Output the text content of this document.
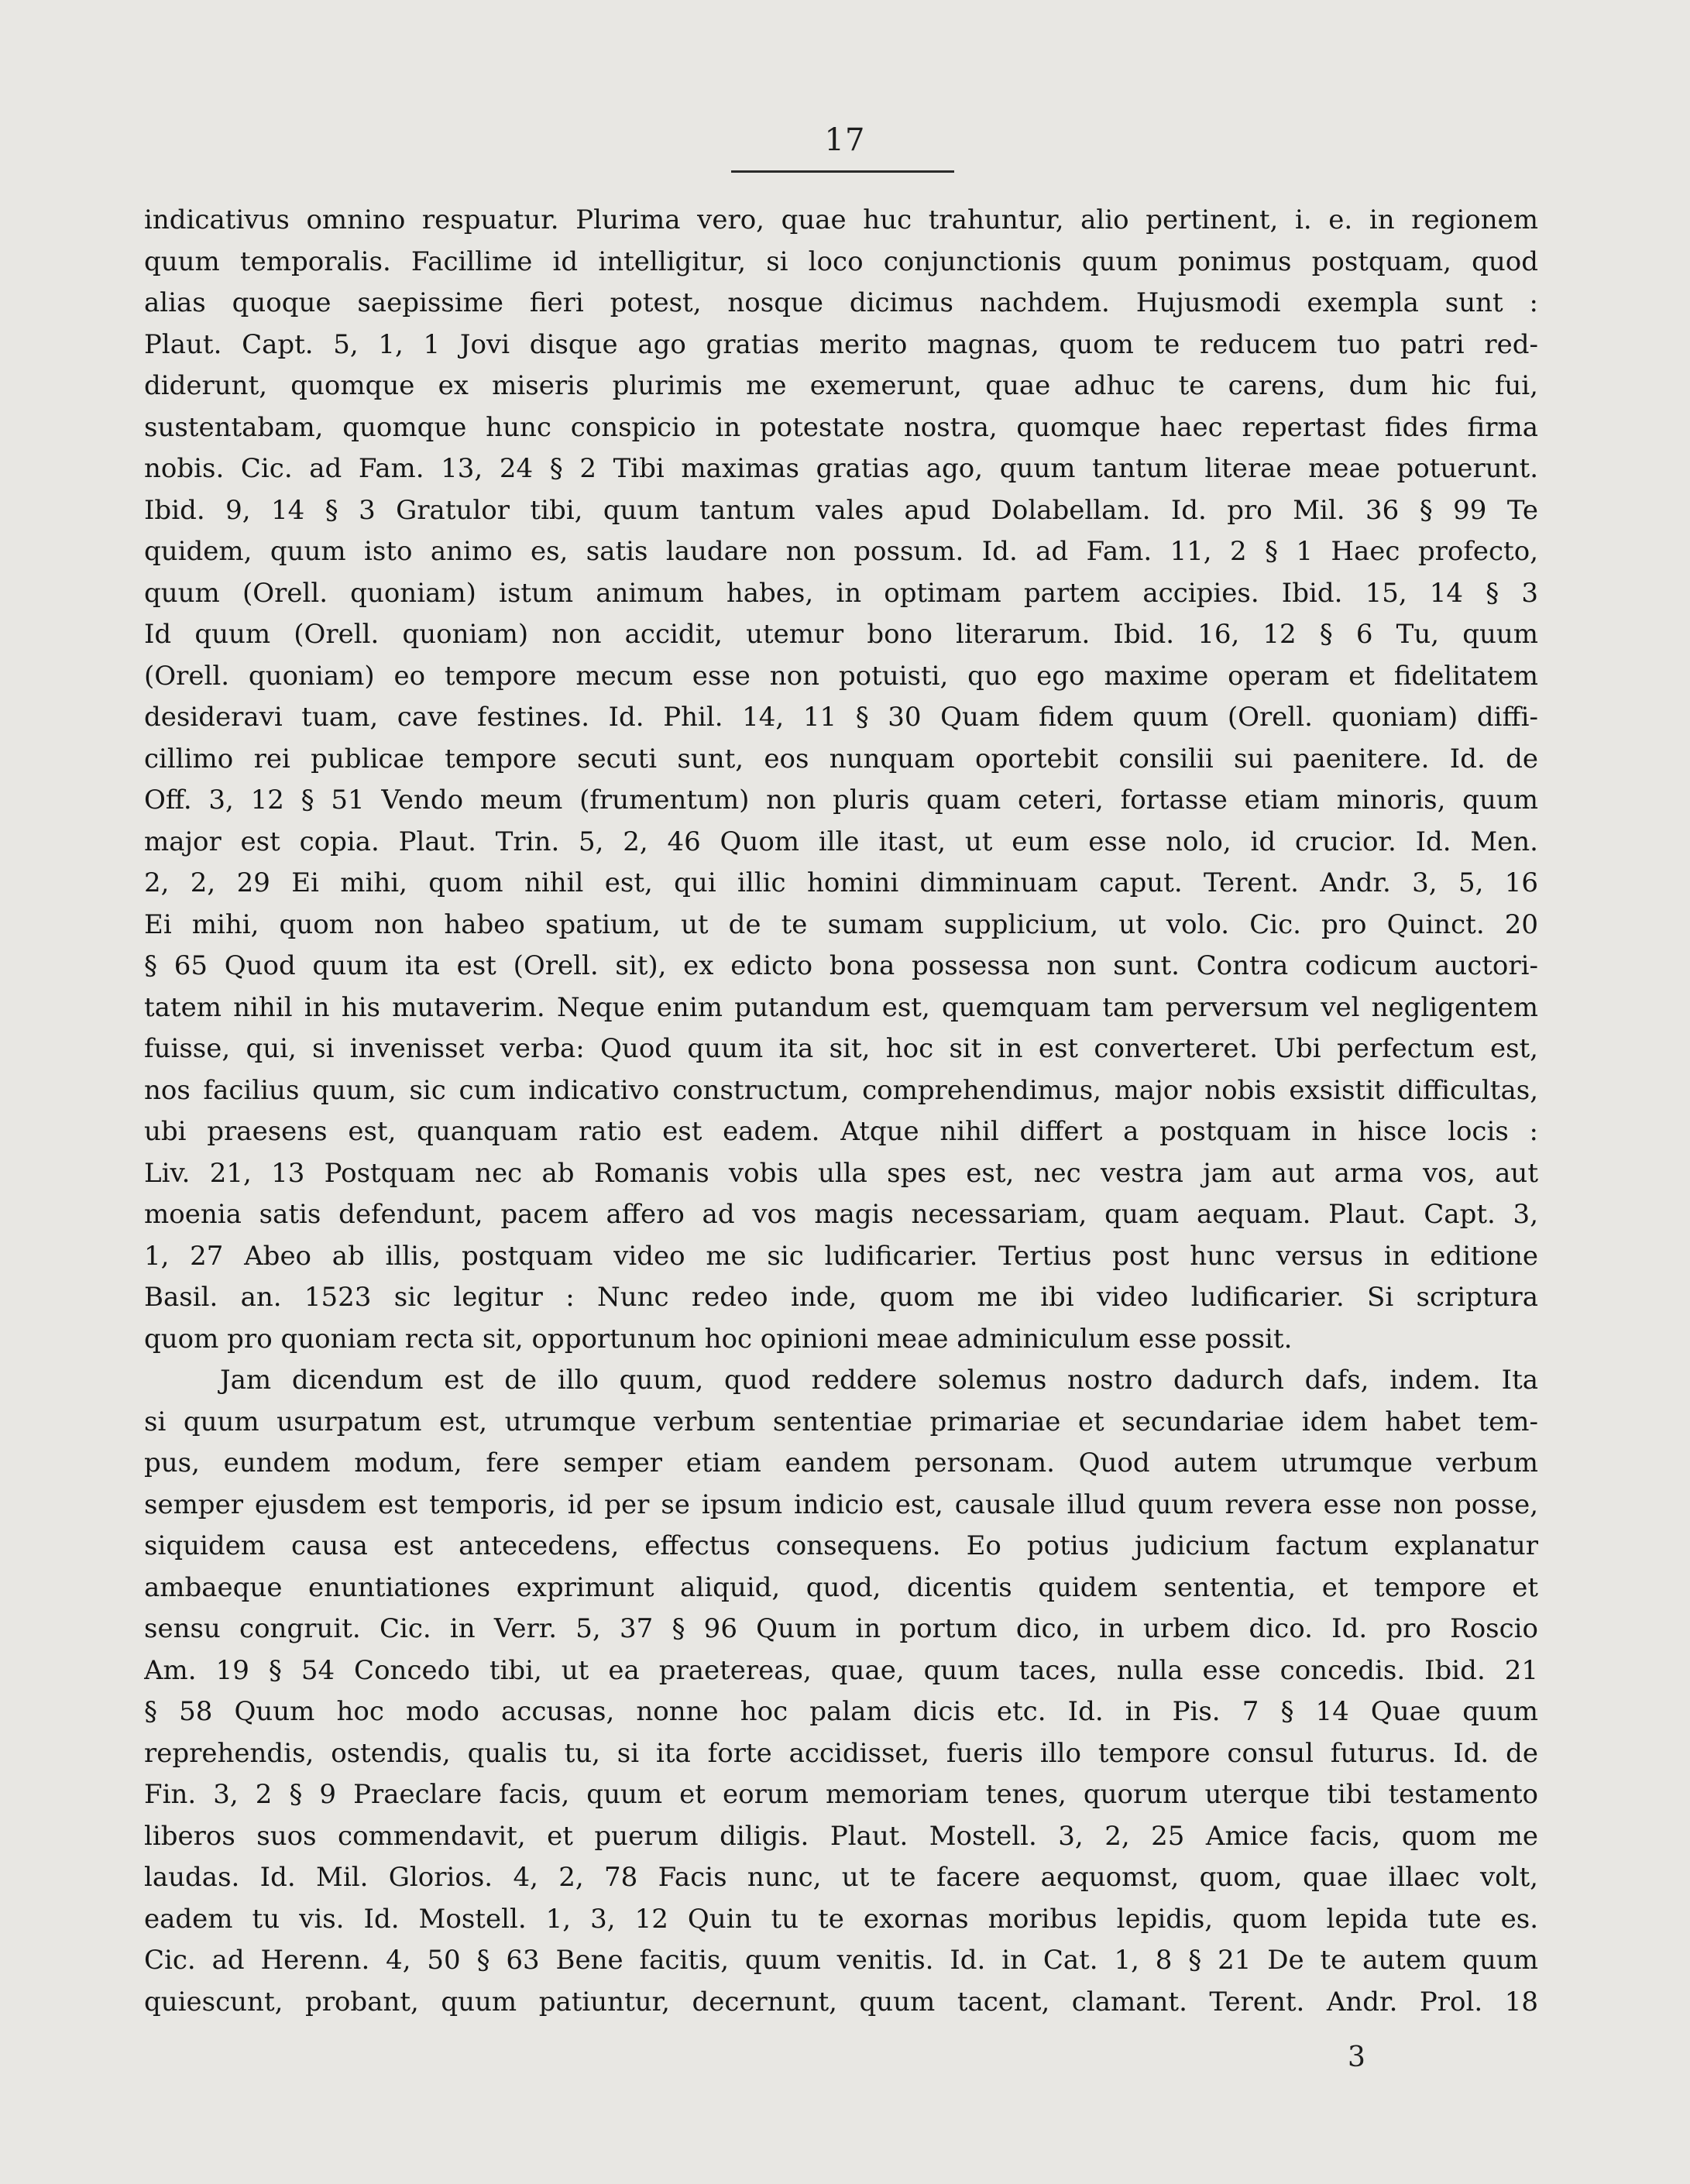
17
indicativus omnino respuatur. Plurima vero, quae huc trahuntur, alio pertinent, i. e. in regionem
quum temporalis. Facillime id intelligitur, si loco conjunctionis quum ponimus postquam, quod
alias quoque saepissime fieri potest, nosque dicimus nachdem. Hujusmodi exempla sunt :
Plaut. Capt. 5, 1, 1 Jovi disque ago gratias merito magnas, quom te reducem tuo patri red-
diderunt, quomque ex miseris plurimis me exemerunt, quae adhuc te carens, dum hic fui,
sustentabam, quomque hunc conspicio in potestate nostra, quomque haec repertast fides firma
nobis. Cic. ad Fam. 13, 24 § 2 Tibi maximas gratias ago, quum tantum literae meae potuerunt.
Ibid. 9, 14 § 3 Gratulor tibi, quum tantum vales apud Dolabellam. Id. pro Mil. 36 § 99 Te
quidem, quum isto animo es, satis laudare non possum. Id. ad Fam. 11, 2 § 1 Haec profecto,
quum (Orell. quoniam) istum animum habes, in optimam partem accipies. Ibid. 15, 14 § 3
Id quum (Orell. quoniam) non accidit, utemur bono literarum. Ibid. 16, 12 § 6 Tu, quum
(Orell. quoniam) eo tempore mecum esse non potuisti, quo ego maxime operam et fidelitatem
desideravi tuam, cave festines. Id. Phil. 14, 11 § 30 Quam fidem quum (Orell. quoniam) diffi-
cillimo rei publicae tempore secuti sunt, eos nunquam oportebit consilii sui paenitere. Id. de
Off. 3, 12 § 51 Vendo meum (frumentum) non pluris quam ceteri, fortasse etiam minoris, quum
major est copia. Plaut. Trin. 5, 2, 46 Quom ille itast, ut eum esse nolo, id crucior. Id. Men.
2, 2, 29 Ei mihi, quom nihil est, qui illic homini dimminuam caput. Terent. Andr. 3, 5, 16
Ei mihi, quom non habeo spatium, ut de te sumam supplicium, ut volo. Cic. pro Quinct. 20
§ 65 Quod quum ita est (Orell. sit), ex edicto bona possessa non sunt. Contra codicum auctori-
tatem nihil in his mutaverim. Neque enim putandum est, quemquam tam perversum vel negligentem
fuisse, qui, si invenisset verba: Quod quum ita sit, hoc sit in est converteret. Ubi perfectum est,
nos facilius quum, sic cum indicativo constructum, comprehendimus, major nobis exsistit difficultas,
ubi praesens est, quanquam ratio est eadem. Atque nihil differt a postquam in hisce locis :
Liv. 21, 13 Postquam nec ab Romanis vobis ulla spes est, nec vestra jam aut arma vos, aut
moenia satis defendunt, pacem affero ad vos magis necessariam, quam aequam. Plaut. Capt. 3,
1, 27 Abeo ab illis, postquam video me sic ludificarier. Tertius post hunc versus in editione
Basil. an. 1523 sic legitur : Nunc redeo inde, quom me ibi video ludificarier. Si scriptura
quom pro quoniam recta sit, opportunum hoc opinioni meae adminiculum esse possit.
Jam dicendum est de illo quum, quod reddere solemus nostro dadurch dafs, indem. Ita
si quum usurpatum est, utrumque verbum sententiae primariae et secundariae idem habet tem-
pus, eundem modum, fere semper etiam eandem personam. Quod autem utrumque verbum
semper ejusdem est temporis, id per se ipsum indicio est, causale illud quum revera esse non posse,
siquidem causa est antecedens, effectus consequens. Eo potius judicium factum explanatur
ambaeque enuntiationes exprimunt aliquid, quod, dicentis quidem sententia, et tempore et
sensu congruit. Cic. in Verr. 5, 37 § 96 Quum in portum dico, in urbem dico. Id. pro Roscio
Am. 19 § 54 Concedo tibi, ut ea praetereas, quae, quum taces, nulla esse concedis. Ibid. 21
§ 58 Quum hoc modo accusas, nonne hoc palam dicis etc. Id. in Pis. 7 § 14 Quae quum
reprehendis, ostendis, qualis tu, si ita forte accidisset, fueris illo tempore consul futurus. Id. de
Fin. 3, 2 § 9 Praeclare facis, quum et eorum memoriam tenes, quorum uterque tibi testamento
liberos suos commendavit, et puerum diligis. Plaut. Mostell. 3, 2, 25 Amice facis, quom me
laudas. Id. Mil. Glorios. 4, 2, 78 Facis nunc, ut te facere aequomst, quom, quae illaec volt,
eadem tu vis. Id. Mostell. 1, 3, 12 Quin tu te exornas moribus lepidis, quom lepida tute es.
Cic. ad Herenn. 4, 50 § 63 Bene facitis, quum venitis. Id. in Cat. 1, 8 § 21 De te autem quum
quiescunt, probant, quum patiuntur, decernunt, quum tacent, clamant. Terent. Andr. Prol. 18
3
